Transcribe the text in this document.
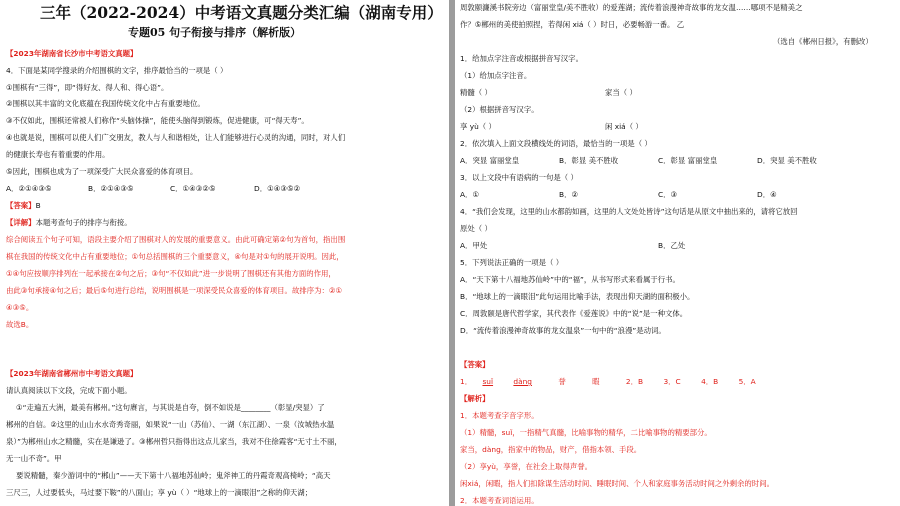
三年（2022-2024）中考语文真题分类汇编（湖南专用）
专题05 句子衔接与排序（解析版）
【2023年湖南省长沙市中考语文真题】
4．下面是某同学搜录的介绍围棋的文字，排序最恰当的一项是（ ）
①围棋有“三得”，即“得好友、得人和、得心语”。
②围棋以其丰富的文化底蕴在我国传统文化中占有重要地位。
③不仅如此，围棋还常被人们称作“头脑体操”，能使头脑得到锻炼，促进健康，可“得天寿”。
④也就是说，围棋可以使人们广交朋友，教人与人和谐相处，让人们能够进行心灵的沟通，同时，对人们
的健康长寿也有着重要的作用。
⑤因此，围棋也成为了一项深受广大民众喜爱的体育项目。
A．②①④③⑤	B．②①④③⑤	C．①④③②⑤	D．①④③⑤②
【答案】B
【详解】本题考查句子的排序与衔接。
综合阅读五个句子可知，语段主要介绍了围棋对人的发展的重要意义。由此可确定第②句为首句，指出围
棋在我国的传统文化中占有重要地位；①句总括围棋的三个重要意义，④句是对①句的展开说明。因此，
①④句应按顺序排列在一起承接在②句之后；③句“不仅如此”进一步说明了围棋还有其他方面的作用，
由此③句承接④句之后；最后⑤句进行总结，说明围棋是一项深受民众喜爱的体育项目。故排序为：②①
④③⑤。
故选B。
【2023年湖南省郴州市中考语文真题】
请认真阅读以下文段，完成下面小题。
①“走遍五大洲，最美有郴州。”这句赓言，与其说是自夸，倒不如说是________（彰显/突显）了
郴州的自信。②这里的山山水水奇秀奇丽，如果说“一山（苏仙）、一湖（东江湖）、一泉（汝城热水温
泉）”为郴州山水之精髓，实在是谦逊了。③郴州哲只指得出这点儿家当，我对不住徐霞客“无寸土不丽，
无一山不奇”。甲
要说精髓，秦少游词中的“郴山”——天下第十八福地苏仙岭；鬼斧神工的丹霞奇观高椅岭；“高天
三尺三，人过要低头，马过要下鞍”的八面山；享 yù（ ）“地球上的一滴眼泪”之称的仰天湖；
周敦颐濂溪书院旁边（富丽堂皇/美不胜收）的爱莲湖；流传着浪漫神奇故事的龙女温……哪项不是精美之
作？⑤郴州的美使拍照捏，若得闲 xiá（ ）时日，必要畅游一番。 乙
（选自《郴州日报》，有删改）
1．给加点字注音或根据拼音写汉字。
（1）给加点字注音。
精髓（ ）	家当（ ）
（2）根据拼音写汉字。
享 yù（ ）	闲 xiá（ ）
2．依次填入上面文段横线处的词语，最恰当的一项是（ ）
A．突显 富丽堂皇	B．彰显 美不胜收	C．彰显 富丽堂皇	D．突显 美不胜收
3．以上文段中有语病的一句是（ ）
A．①	B．②	C．③	D．④
4．“我们会发现，这里的山水都韵如画，这里的人文处处皆诗”这句话是从原文中抽出来的，请将它放回
原处（ ）
A．甲处	B．乙处
5．下列说法正确的一项是（ ）
A．“天下第十八福地苏仙岭”中的“福”，从书写形式来看属于行书。
B．“地球上的一滴眼泪”此句运用比喻手法，表现出仰天湖的面积极小。
C．周敦颐是唐代哲学家，其代表作《爱莲说》中的“说”是一种文体。
D．“流传着浪漫神奇故事的龙女温泉”一句中的“浪漫”是动词。
【答案】
1． suǐ	dàng	誉	暇	2．B	3．C	4．B	5．A
【解析】
1．本题考查字音字形。
（1）精髓，suǐ，一指精气真髓，比喻事物的精华，二比喻事物的精要部分。
家当，dàng，指家中的物品，财产，借指本领、手段。
（2）享yù，享誉，在社会上取得声誉。
闲xiá，闲暇，指人们扣除谋生活动时间、睡眠时间、个人和家庭事务活动时间之外剩余的时间。
2．本题考查词语运用。
